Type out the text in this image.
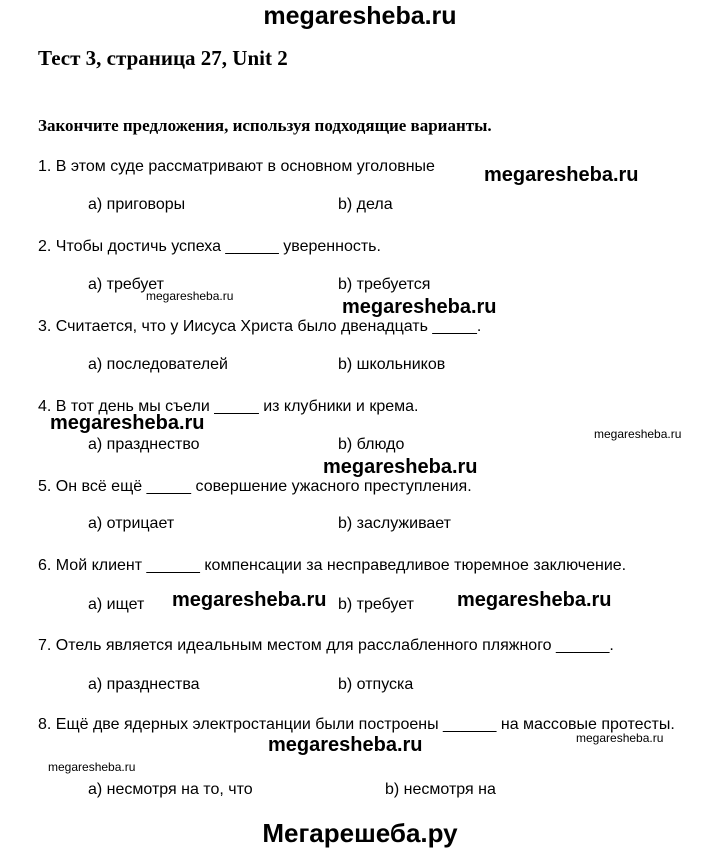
megaresheba.ru
Тест 3, страница 27, Unit 2
Закончите предложения, используя подходящие варианты.
1. В этом суде рассматривают в основном уголовные
а) приговоры	b) дела
2. Чтобы достичь успеха ______ уверенность.
а) требует	b) требуется
3. Считается, что у Иисуса Христа было двенадцать _____.
а) последователей	b) школьников
4. В тот день мы съели _____ из клубники и крема.
а) празднество	b) блюдо
5. Он всё ещё _____ совершение ужасного преступления.
а) отрицает	b) заслуживает
6. Мой клиент ______ компенсации за несправедливое тюремное заключение.
а) ищет	b) требует
7. Отель является идеальным местом для расслабленного пляжного ______.
а) празднества	b) отпуска
8. Ещё две ядерных электростанции были построены ______ на массовые протесты.
а) несмотря на то, что	b) несмотря на
megaresheba.ru
megaresheba.ru	megaresheba.ru
megaresheba.ru	megaresheba.ru
megaresheba.ru
megaresheba.ru	megaresheba.ru
megaresheba.ru	megaresheba.ru
megaresheba.ru
Мегарешеба.ру
